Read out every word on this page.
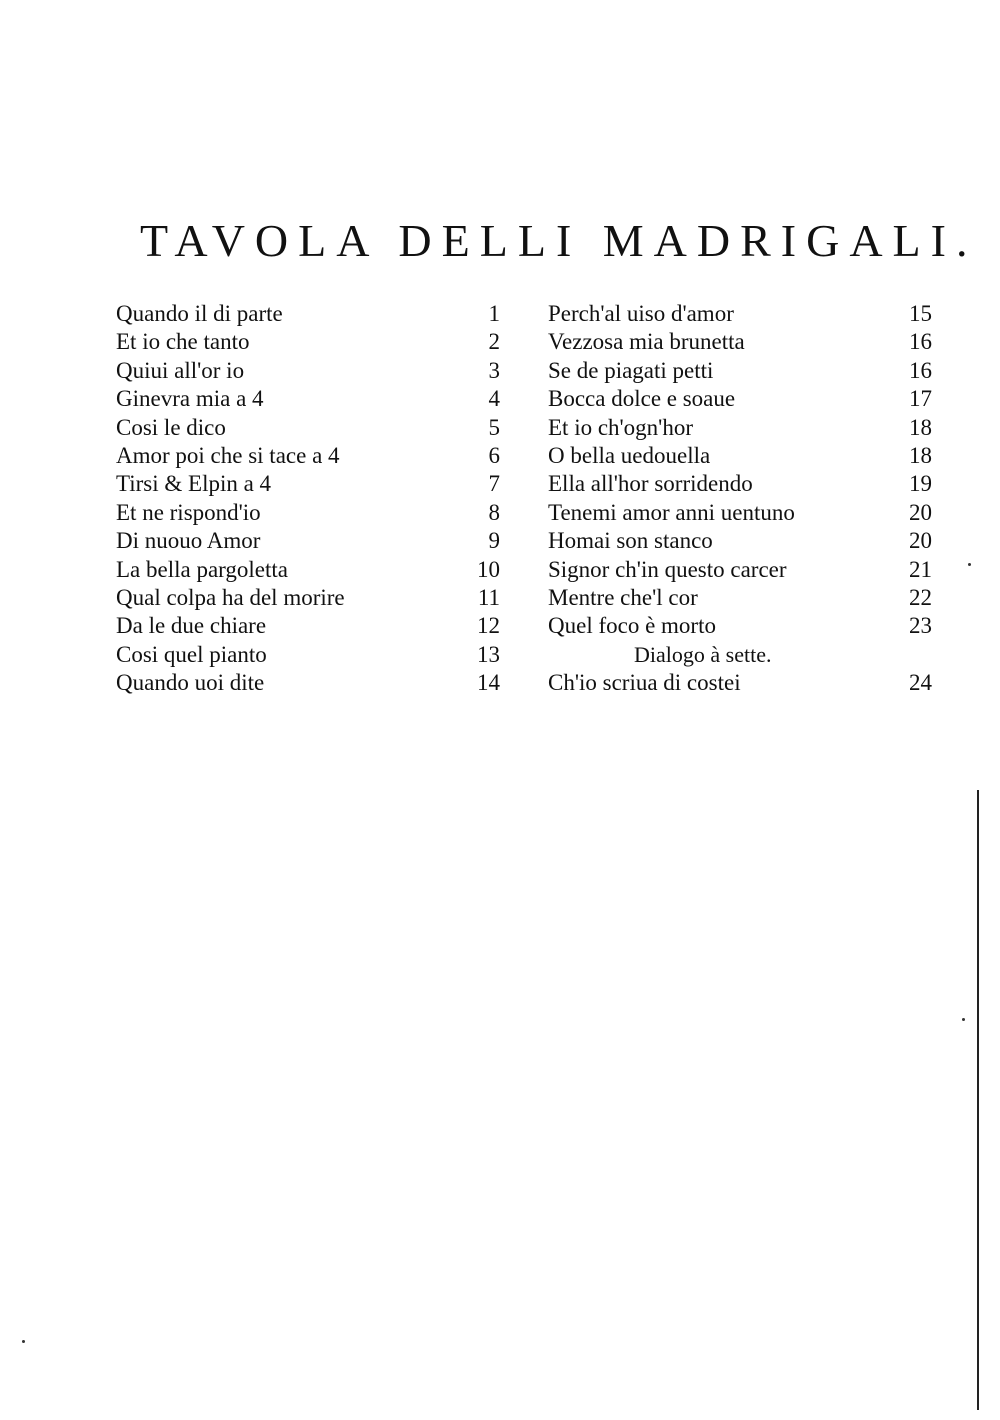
TAVOLA DELLI MADRIGALI.
Quando il di parte	1
Et io che tanto	2
Quiui all'or io	3
Ginevra mia a 4	4
Cosi le dico	5
Amor poi che si tace a 4	6
Tirsi & Elpin a 4	7
Et ne rispond'io	8
Di nuouo Amor	9
La bella pargoletta	10
Qual colpa ha del morire	11
Da le due chiare	12
Cosi quel pianto	13
Quando uoi dite	14
Perch'al uiso d'amor	15
Vezzosa mia brunetta	16
Se de piagati petti	16
Bocca dolce e soaue	17
Et io ch'ogn'hor	18
O bella uedouella	18
Ella all'hor sorridendo	19
Tenemi amor anni uentuno	20
Homai son stanco	20
Signor ch'in questo carcer	21
Mentre che'l cor	22
Quel foco è morto	23
Dialogo à sette.
Ch'io scriua di costei	24
